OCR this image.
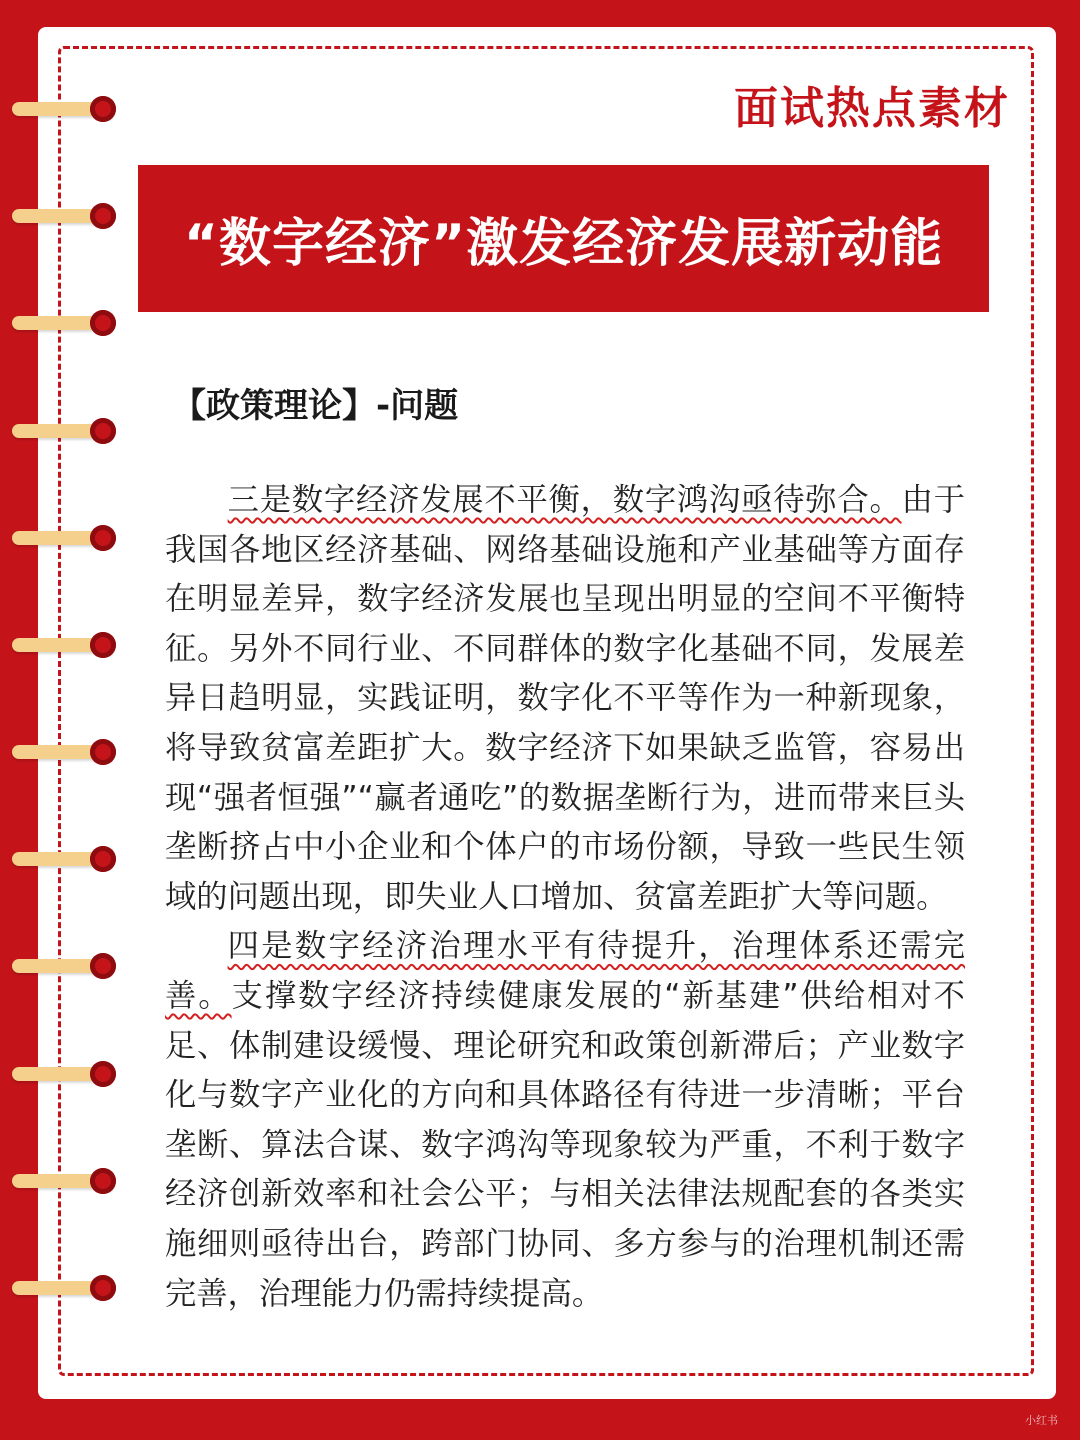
面试热点素材
“数字经济”激发经济发展新动能
【政策理论】-问题

三是数字经济发展不平衡，数字鸿沟亟待弥合。由于我国各地区经济基础、网络基础设施和产业基础等方面存在明显差异，数字经济发展也呈现出明显的空间不平衡特征。另外不同行业、不同群体的数字化基础不同，发展差异日趋明显，实践证明，数字化不平等作为一种新现象，将导致贫富差距扩大。数字经济下如果缺乏监管，容易出现“强者恒强”“赢者通吃”的数据垄断行为，进而带来巨头垄断挤占中小企业和个体户的市场份额，导致一些民生领域的问题出现，即失业人口增加、贫富差距扩大等问题。

四是数字经济治理水平有待提升，治理体系还需完善。支撑数字经济持续健康发展的“新基建”供给相对不足、体制建设缓慢、理论研究和政策创新滞后；产业数字化与数字产业化的方向和具体路径有待进一步清晰；平台垄断、算法合谋、数字鸿沟等现象较为严重，不利于数字经济创新效率和社会公平；与相关法律法规配套的各类实施细则亟待出台，跨部门协同、多方参与的治理机制还需完善，治理能力仍需持续提高。

小红书
